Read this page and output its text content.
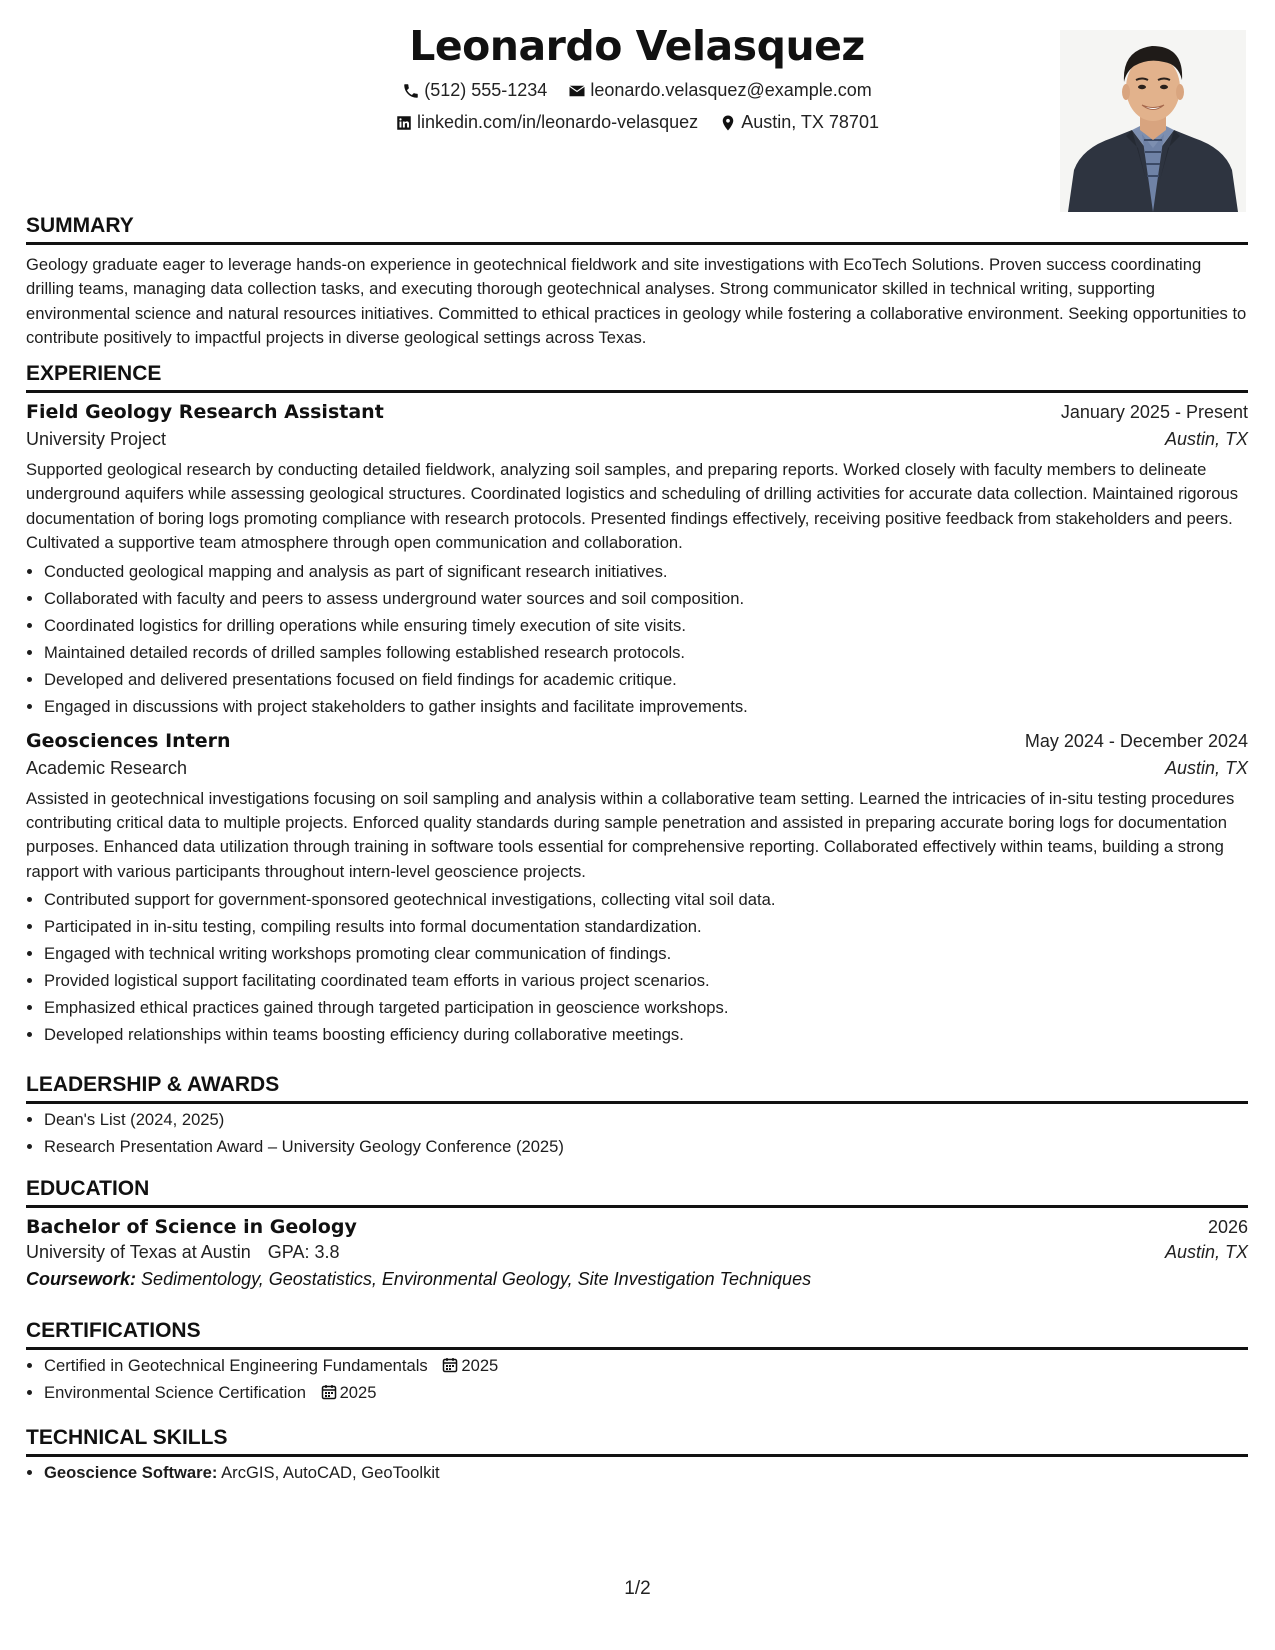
Leonardo Velasquez
(512) 555-1234
leonardo.velasquez@example.com
linkedin.com/in/leonardo-velasquez
Austin, TX 78701
SUMMARY

Geology graduate eager to leverage hands-on experience in geotechnical fieldwork and site investigations with EcoTech Solutions. Proven success coordinating drilling teams, managing data collection tasks, and executing thorough geotechnical analyses. Strong communicator skilled in technical writing, supporting environmental science and natural resources initiatives. Committed to ethical practices in geology while fostering a collaborative environment. Seeking opportunities to contribute positively to impactful projects in diverse geological settings across Texas.

EXPERIENCE
Field Geology Research Assistant	January 2025 - Present
University Project	Austin, TX

Supported geological research by conducting detailed fieldwork, analyzing soil samples, and preparing reports. Worked closely with faculty members to delineate underground aquifers while assessing geological structures. Coordinated logistics and scheduling of drilling activities for accurate data collection. Maintained rigorous documentation of boring logs promoting compliance with research protocols. Presented findings effectively, receiving positive feedback from stakeholders and peers. Cultivated a supportive team atmosphere through open communication and collaboration.

• Conducted geological mapping and analysis as part of significant research initiatives.
• Collaborated with faculty and peers to assess underground water sources and soil composition.
• Coordinated logistics for drilling operations while ensuring timely execution of site visits.
• Maintained detailed records of drilled samples following established research protocols.
• Developed and delivered presentations focused on field findings for academic critique.
• Engaged in discussions with project stakeholders to gather insights and facilitate improvements.
Geosciences Intern	May 2024 - December 2024
Academic Research	Austin, TX

Assisted in geotechnical investigations focusing on soil sampling and analysis within a collaborative team setting. Learned the intricacies of in-situ testing procedures contributing critical data to multiple projects. Enforced quality standards during sample penetration and assisted in preparing accurate boring logs for documentation purposes. Enhanced data utilization through training in software tools essential for comprehensive reporting. Collaborated effectively within teams, building a strong rapport with various participants throughout intern-level geoscience projects.

• Contributed support for government-sponsored geotechnical investigations, collecting vital soil data.
• Participated in in-situ testing, compiling results into formal documentation standardization.
• Engaged with technical writing workshops promoting clear communication of findings.
• Provided logistical support facilitating coordinated team efforts in various project scenarios.
• Emphasized ethical practices gained through targeted participation in geoscience workshops.
• Developed relationships within teams boosting efficiency during collaborative meetings.
LEADERSHIP & AWARDS
• Dean's List (2024, 2025)
• Research Presentation Award – University Geology Conference (2025)
EDUCATION
Bachelor of Science in Geology	2026
University of Texas at Austin GPA: 3.8	Austin, TX
Coursework: Sedimentology, Geostatistics, Environmental Geology, Site Investigation Techniques
CERTIFICATIONS
• Certified in Geotechnical Engineering Fundamentals 2025
• Environmental Science Certification 2025
TECHNICAL SKILLS
• Geoscience Software: ArcGIS, AutoCAD, GeoToolkit
1/2
